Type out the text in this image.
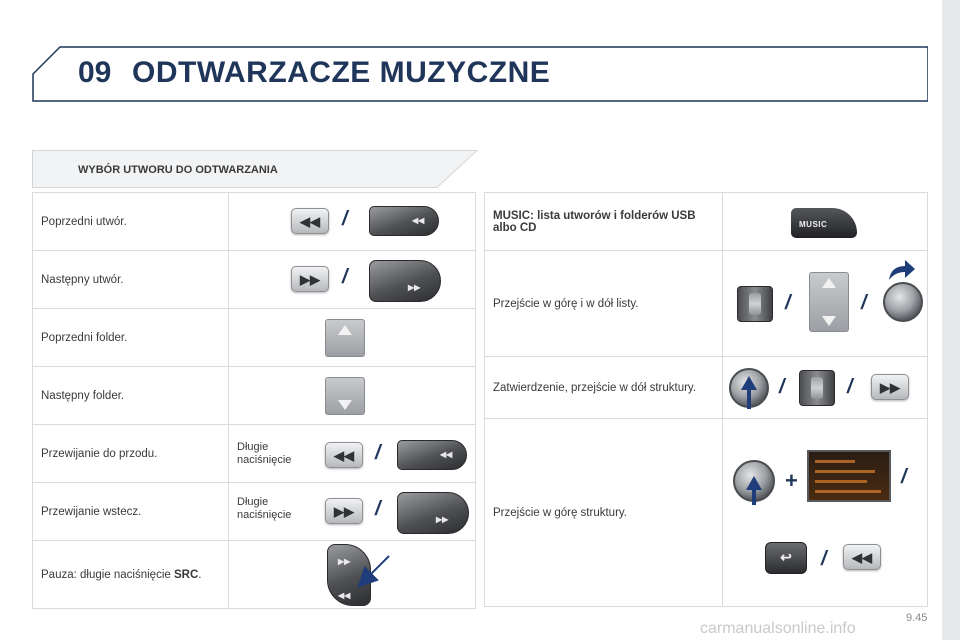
09 ODTWARZACZE MUZYCZNE
WYBÓR UTWORU DO ODTWARZANIA
Poprzedni utwór.	◀◀ / ◀◀

Następny utwór.	▶▶ / ▶▶

Poprzedni folder.	

Następny folder.	

Przewijanie do przodu.	Długie naciśnięcie ◀◀ / ◀◀

Przewijanie wstecz.	Długie naciśnięcie ▶▶ / ▶▶

Pauza: długie naciśnięcie SRC.	▶▶
◀◀
MUSIC: lista utworów i folderów USB albo CD	MUSIC

Przejście w górę i w dół listy.	/ /

Zatwierdzenie, przejście w dół struktury.	/ / ▶▶

Przejście w górę struktury.	+ /
↩ / ◀◀
9.45
carmanualsonline.info
